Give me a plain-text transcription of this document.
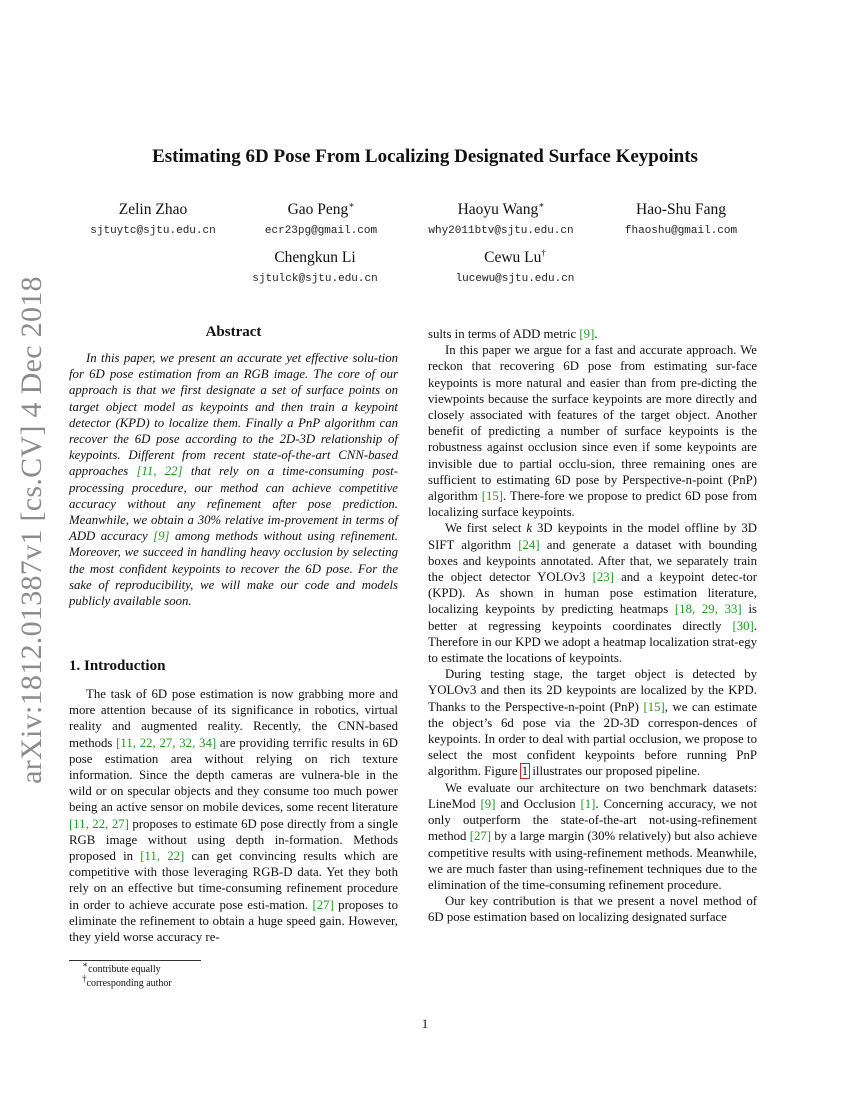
arXiv:1812.01387v1 [cs.CV] 4 Dec 2018
Estimating 6D Pose From Localizing Designated Surface Keypoints
Zelin Zhao
sjtuytc@sjtu.edu.cn
Gao Peng∗
ecr23pg@gmail.com
Haoyu Wang∗
why2011btv@sjtu.edu.cn
Hao-Shu Fang
fhaoshu@gmail.com
Chengkun Li
sjtulck@sjtu.edu.cn
Cewu Lu†
lucewu@sjtu.edu.cn
Abstract

In this paper, we present an accurate yet effective solu-tion for 6D pose estimation from an RGB image. The core of our approach is that we first designate a set of surface points on target object model as keypoints and then train a keypoint detector (KPD) to localize them. Finally a PnP algorithm can recover the 6D pose according to the 2D-3D relationship of keypoints. Different from recent state-of-the-art CNN-based approaches [11, 22] that rely on a time-consuming post-processing procedure, our method can achieve competitive accuracy without any refinement after pose prediction. Meanwhile, we obtain a 30% relative im-provement in terms of ADD accuracy [9] among methods without using refinement. Moreover, we succeed in handling heavy occlusion by selecting the most confident keypoints to recover the 6D pose. For the sake of reproducibility, we will make our code and models publicly available soon.

1. Introduction

The task of 6D pose estimation is now grabbing more and more attention because of its significance in robotics, virtual reality and augmented reality. Recently, the CNN-based methods [11, 22, 27, 32, 34] are providing terrific results in 6D pose estimation area without relying on rich texture information. Since the depth cameras are vulnera-ble in the wild or on specular objects and they consume too much power being an active sensor on mobile devices, some recent literature [11, 22, 27] proposes to estimate 6D pose directly from a single RGB image without using depth in-formation. Methods proposed in [11, 22] can get convincing results which are competitive with those leveraging RGB-D data. Yet they both rely on an effective but time-consuming refinement procedure in order to achieve accurate pose esti-mation. [27] proposes to eliminate the refinement to obtain a huge speed gain. However, they yield worse accuracy re-

sults in terms of ADD metric [9].

In this paper we argue for a fast and accurate approach. We reckon that recovering 6D pose from estimating sur-face keypoints is more natural and easier than from pre-dicting the viewpoints because the surface keypoints are more directly and closely associated with features of the target object. Another benefit of predicting a number of surface keypoints is the robustness against occlusion since even if some keypoints are invisible due to partial occlu-sion, three remaining ones are sufficient to estimating 6D pose by Perspective-n-point (PnP) algorithm [15]. There-fore we propose to predict 6D pose from localizing surface keypoints.

We first select k 3D keypoints in the model offline by 3D SIFT algorithm [24] and generate a dataset with bounding boxes and keypoints annotated. After that, we separately train the object detector YOLOv3 [23] and a keypoint detec-tor (KPD). As shown in human pose estimation literature, localizing keypoints by predicting heatmaps [18, 29, 33] is better at regressing keypoints coordinates directly [30]. Therefore in our KPD we adopt a heatmap localization strat-egy to estimate the locations of keypoints.

During testing stage, the target object is detected by YOLOv3 and then its 2D keypoints are localized by the KPD. Thanks to the Perspective-n-point (PnP) [15], we can estimate the object’s 6d pose via the 2D-3D correspon-dences of keypoints. In order to deal with partial occlusion, we propose to select the most confident keypoints before running PnP algorithm. Figure 1 illustrates our proposed pipeline.

We evaluate our architecture on two benchmark datasets: LineMod [9] and Occlusion [1]. Concerning accuracy, we not only outperform the state-of-the-art not-using-refinement method [27] by a large margin (30% relatively) but also achieve competitive results with using-refinement methods. Meanwhile, we are much faster than using-refinement techniques due to the elimination of the time-consuming refinement procedure.

Our key contribution is that we present a novel method of 6D pose estimation based on localizing designated surface

∗contribute equally
†corresponding author
1
